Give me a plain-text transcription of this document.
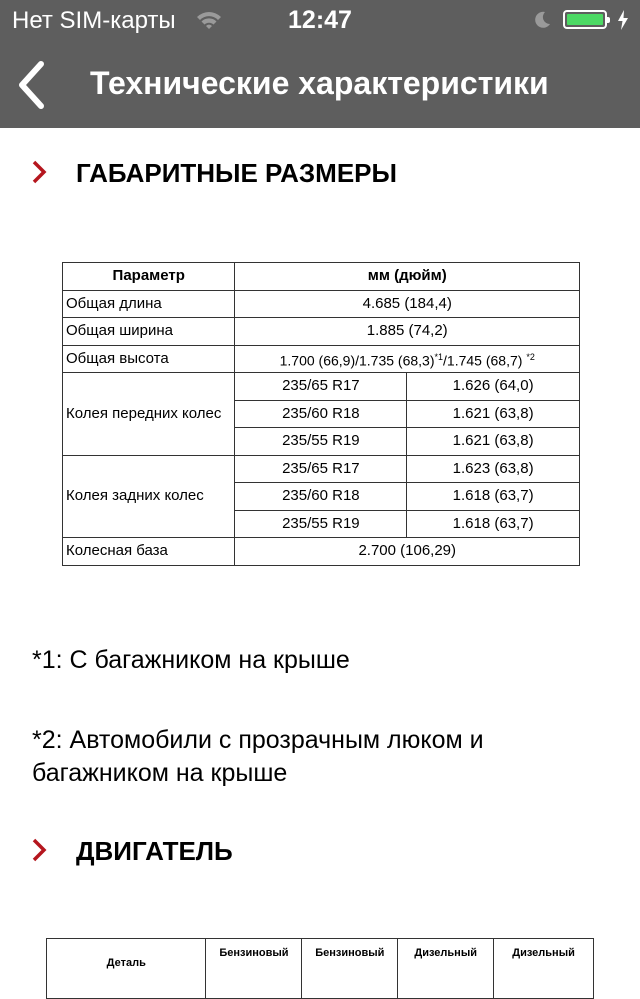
Нет SIM-карты	12:47
Технические характеристики
ГАБАРИТНЫЕ РАЗМЕРЫ
Параметр	мм (дюйм)	
Общая длина	4.685 (184,4)	
Общая ширина	1.885 (74,2)	
Общая высота	1.700 (66,9)/1.735 $(68,3)^{*1}/1.745$ (68,7) $^{*2}$
Колея передних колес	235/65 R17	1.626 (64,0)
	235/60 R18	1.621 (63,8)
	235/55 R19	1.621 (63,8)
Колея задних колес	235/65 R17	1.623 (63,8)
	235/60 R18	1.618 (63,7)
	235/55 R19	1.618 (63,7)
Колесная база	2.700 (106,29)	
*1: С багажником на крыше
*2: Автомобили с прозрачным люком и багажником на крыше
ДВИГАТЕЛЬ
Деталь	Бензиновый	Бензиновый	Дизельный	Дизельный
